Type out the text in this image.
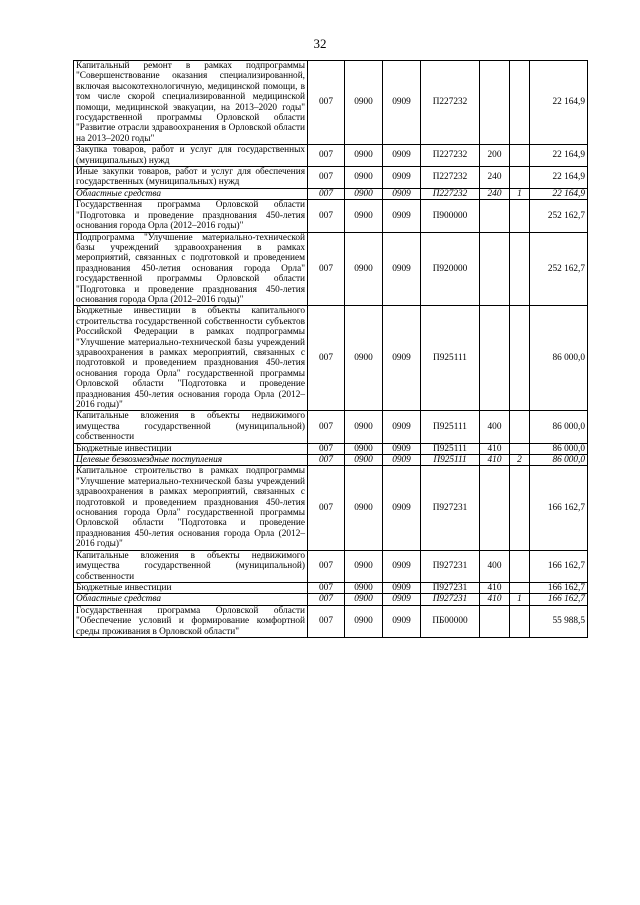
32
Капитальный ремонт в рамках подпрограммы "Совершенствование оказания специализированной, включая высокотехнологичную, медицинской помощи, в том числе скорой специализированной медицинской помощи, медицинской эвакуации, на 2013–2020 годы" государственной программы Орловской области "Развитие отрасли здравоохранения в Орловской области на 2013–2020 годы"	007	0900	0909	П227232			22 164,9
Закупка товаров, работ и услуг для государственных (муниципальных) нужд	007	0900	0909	П227232	200		22 164,9
Иные закупки товаров, работ и услуг для обеспечения государственных (муниципальных) нужд	007	0900	0909	П227232	240		22 164,9
Областные средства	007	0900	0909	П227232	240	1	22 164,9
Государственная программа Орловской области "Подготовка и проведение празднования 450-летия основания города Орла (2012–2016 годы)"	007	0900	0909	П900000			252 162,7
Подпрограмма "Улучшение материально-технической базы учреждений здравоохранения в рамках мероприятий, связанных с подготовкой и проведением празднования 450-летия основания города Орла" государственной программы Орловской области "Подготовка и проведение празднования 450-летия основания города Орла (2012–2016 годы)"	007	0900	0909	П920000			252 162,7
Бюджетные инвестиции в объекты капитального строительства государственной собственности субъектов Российской Федерации в рамках подпрограммы "Улучшение материально-технической базы учреждений здравоохранения в рамках мероприятий, связанных с подготовкой и проведением празднования 450-летия основания города Орла" государственной программы Орловской области "Подготовка и проведение празднования 450-летия основания города Орла (2012–2016 годы)"	007	0900	0909	П925111			86 000,0
Капитальные вложения в объекты недвижимого имущества государственной (муниципальной) собственности	007	0900	0909	П925111	400		86 000,0
Бюджетные инвестиции	007	0900	0909	П925111	410		86 000,0
Целевые безвозмездные поступления	007	0900	0909	П925111	410	2	86 000,0
Капитальное строительство в рамках подпрограммы "Улучшение материально-технической базы учреждений здравоохранения в рамках мероприятий, связанных с подготовкой и проведением празднования 450-летия основания города Орла" государственной программы Орловской области "Подготовка и проведение празднования 450-летия основания города Орла (2012–2016 годы)"	007	0900	0909	П927231			166 162,7
Капитальные вложения в объекты недвижимого имущества государственной (муниципальной) собственности	007	0900	0909	П927231	400		166 162,7
Бюджетные инвестиции	007	0900	0909	П927231	410		166 162,7
Областные средства	007	0900	0909	П927231	410	1	166 162,7
Государственная программа Орловской области "Обеспечение условий и формирование комфортной среды проживания в Орловской области"	007	0900	0909	ПБ00000			55 988,5
